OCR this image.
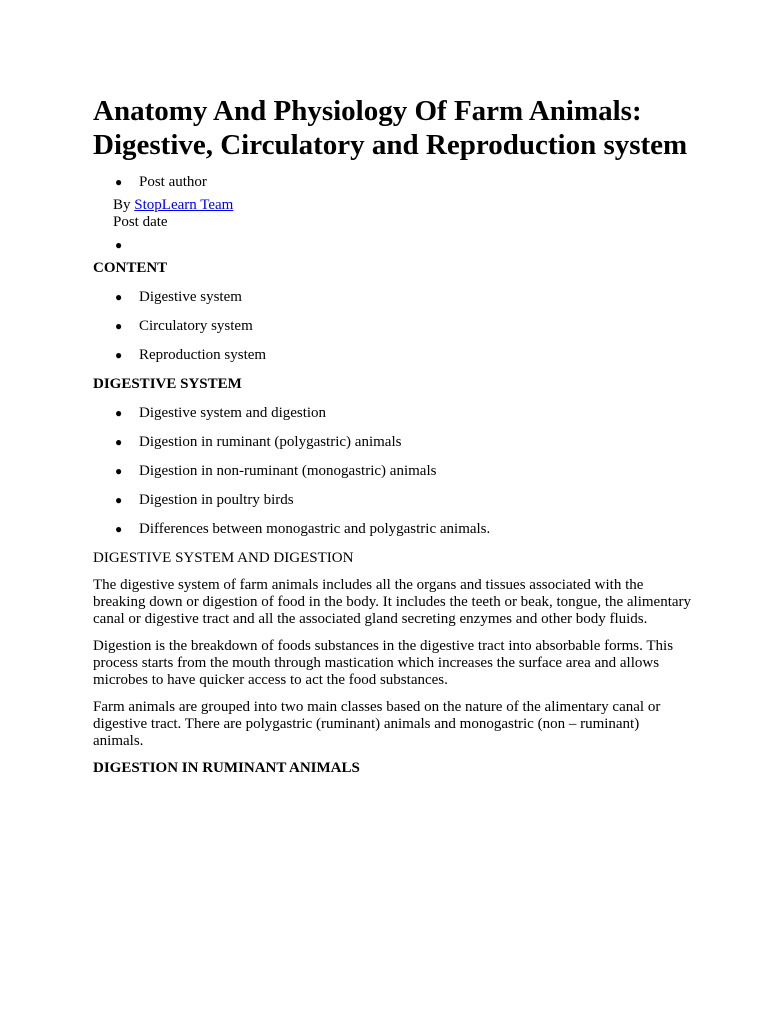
Anatomy And Physiology Of Farm Animals: Digestive, Circulatory and Reproduction system
● Post author
By StopLearn Team
Post date
●
CONTENT
● Digestive system
● Circulatory system
● Reproduction system
DIGESTIVE SYSTEM
● Digestive system and digestion
● Digestion in ruminant (polygastric) animals
● Digestion in non-ruminant (monogastric) animals
● Digestion in poultry birds
● Differences between monogastric and polygastric animals.
DIGESTIVE SYSTEM AND DIGESTION

The digestive system of farm animals includes all the organs and tissues associated with the breaking down or digestion of food in the body. It includes the teeth or beak, tongue, the alimentary canal or digestive tract and all the associated gland secreting enzymes and other body fluids.

Digestion is the breakdown of foods substances in the digestive tract into absorbable forms. This process starts from the mouth through mastication which increases the surface area and allows microbes to have quicker access to act the food substances.

Farm animals are grouped into two main classes based on the nature of the alimentary canal or digestive tract. There are polygastric (ruminant) animals and monogastric (non – ruminant) animals.

DIGESTION IN RUMINANT ANIMALS
